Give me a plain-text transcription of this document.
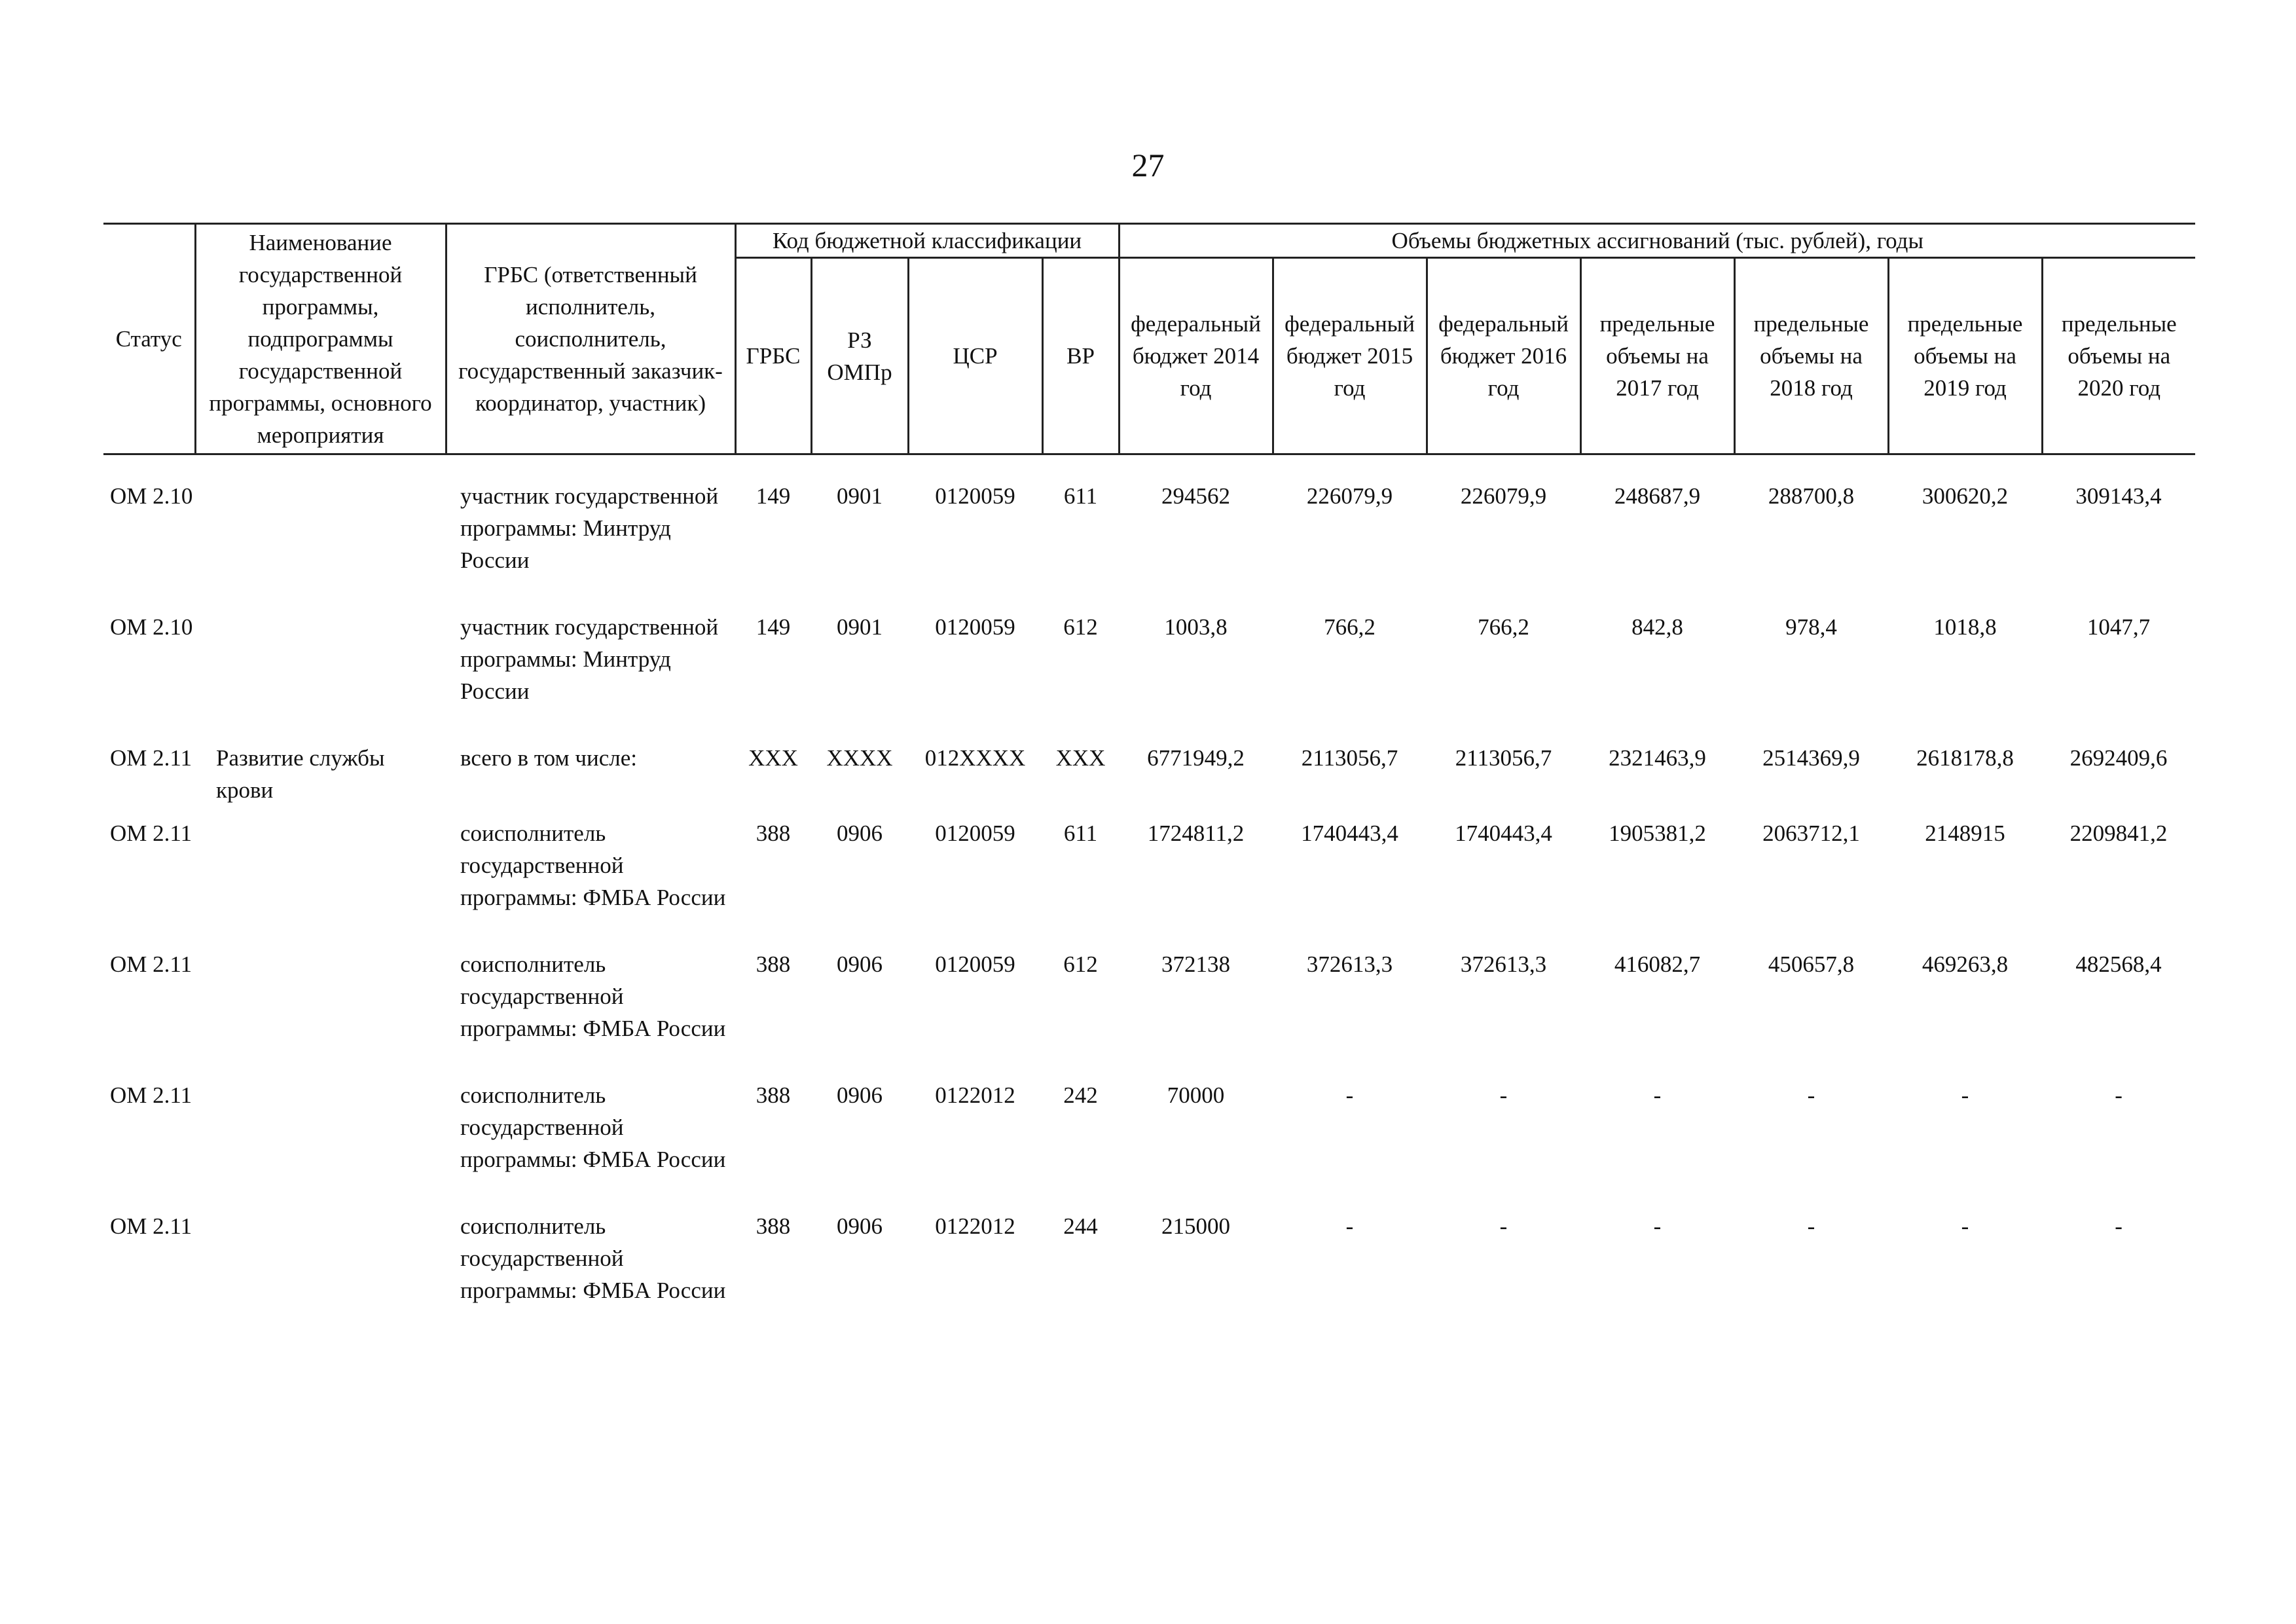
27
Статус	Наименование государственной программы, подпрограммы государственной программы, основного мероприятия	ГРБС (ответственный исполнитель, соисполнитель, государственный заказчик-координатор, участник)	Код бюджетной классификации				Объемы бюджетных ассигнований (тыс. рублей), годы						
			ГРБС	РЗ ОМПр	ЦСР	ВР	федеральный бюджет 2014 год	федеральный бюджет 2015 год	федеральный бюджет 2016 год	предельные объемы на 2017 год	предельные объемы на 2018 год	предельные объемы на 2019 год	предельные объемы на 2020 год

ОМ 2.10		участник государственной программы: Минтруд России	149	0901	0120059	611	294562	226079,9	226079,9	248687,9	288700,8	300620,2	309143,4
ОМ 2.10		участник государственной программы: Минтруд России	149	0901	0120059	612	1003,8	766,2	766,2	842,8	978,4	1018,8	1047,7
ОМ 2.11	Развитие службы крови	всего в том числе:	XXX	XXXX	012XXXX	XXX	6771949,2	2113056,7	2113056,7	2321463,9	2514369,9	2618178,8	2692409,6
ОМ 2.11		соисполнитель государственной программы: ФМБА России	388	0906	0120059	611	1724811,2	1740443,4	1740443,4	1905381,2	2063712,1	2148915	2209841,2
ОМ 2.11		соисполнитель государственной программы: ФМБА России	388	0906	0120059	612	372138	372613,3	372613,3	416082,7	450657,8	469263,8	482568,4
ОМ 2.11		соисполнитель государственной программы: ФМБА России	388	0906	0122012	242	70000	-	-	-	-	-	-
ОМ 2.11		соисполнитель государственной программы: ФМБА России	388	0906	0122012	244	215000	-	-	-	-	-	-
